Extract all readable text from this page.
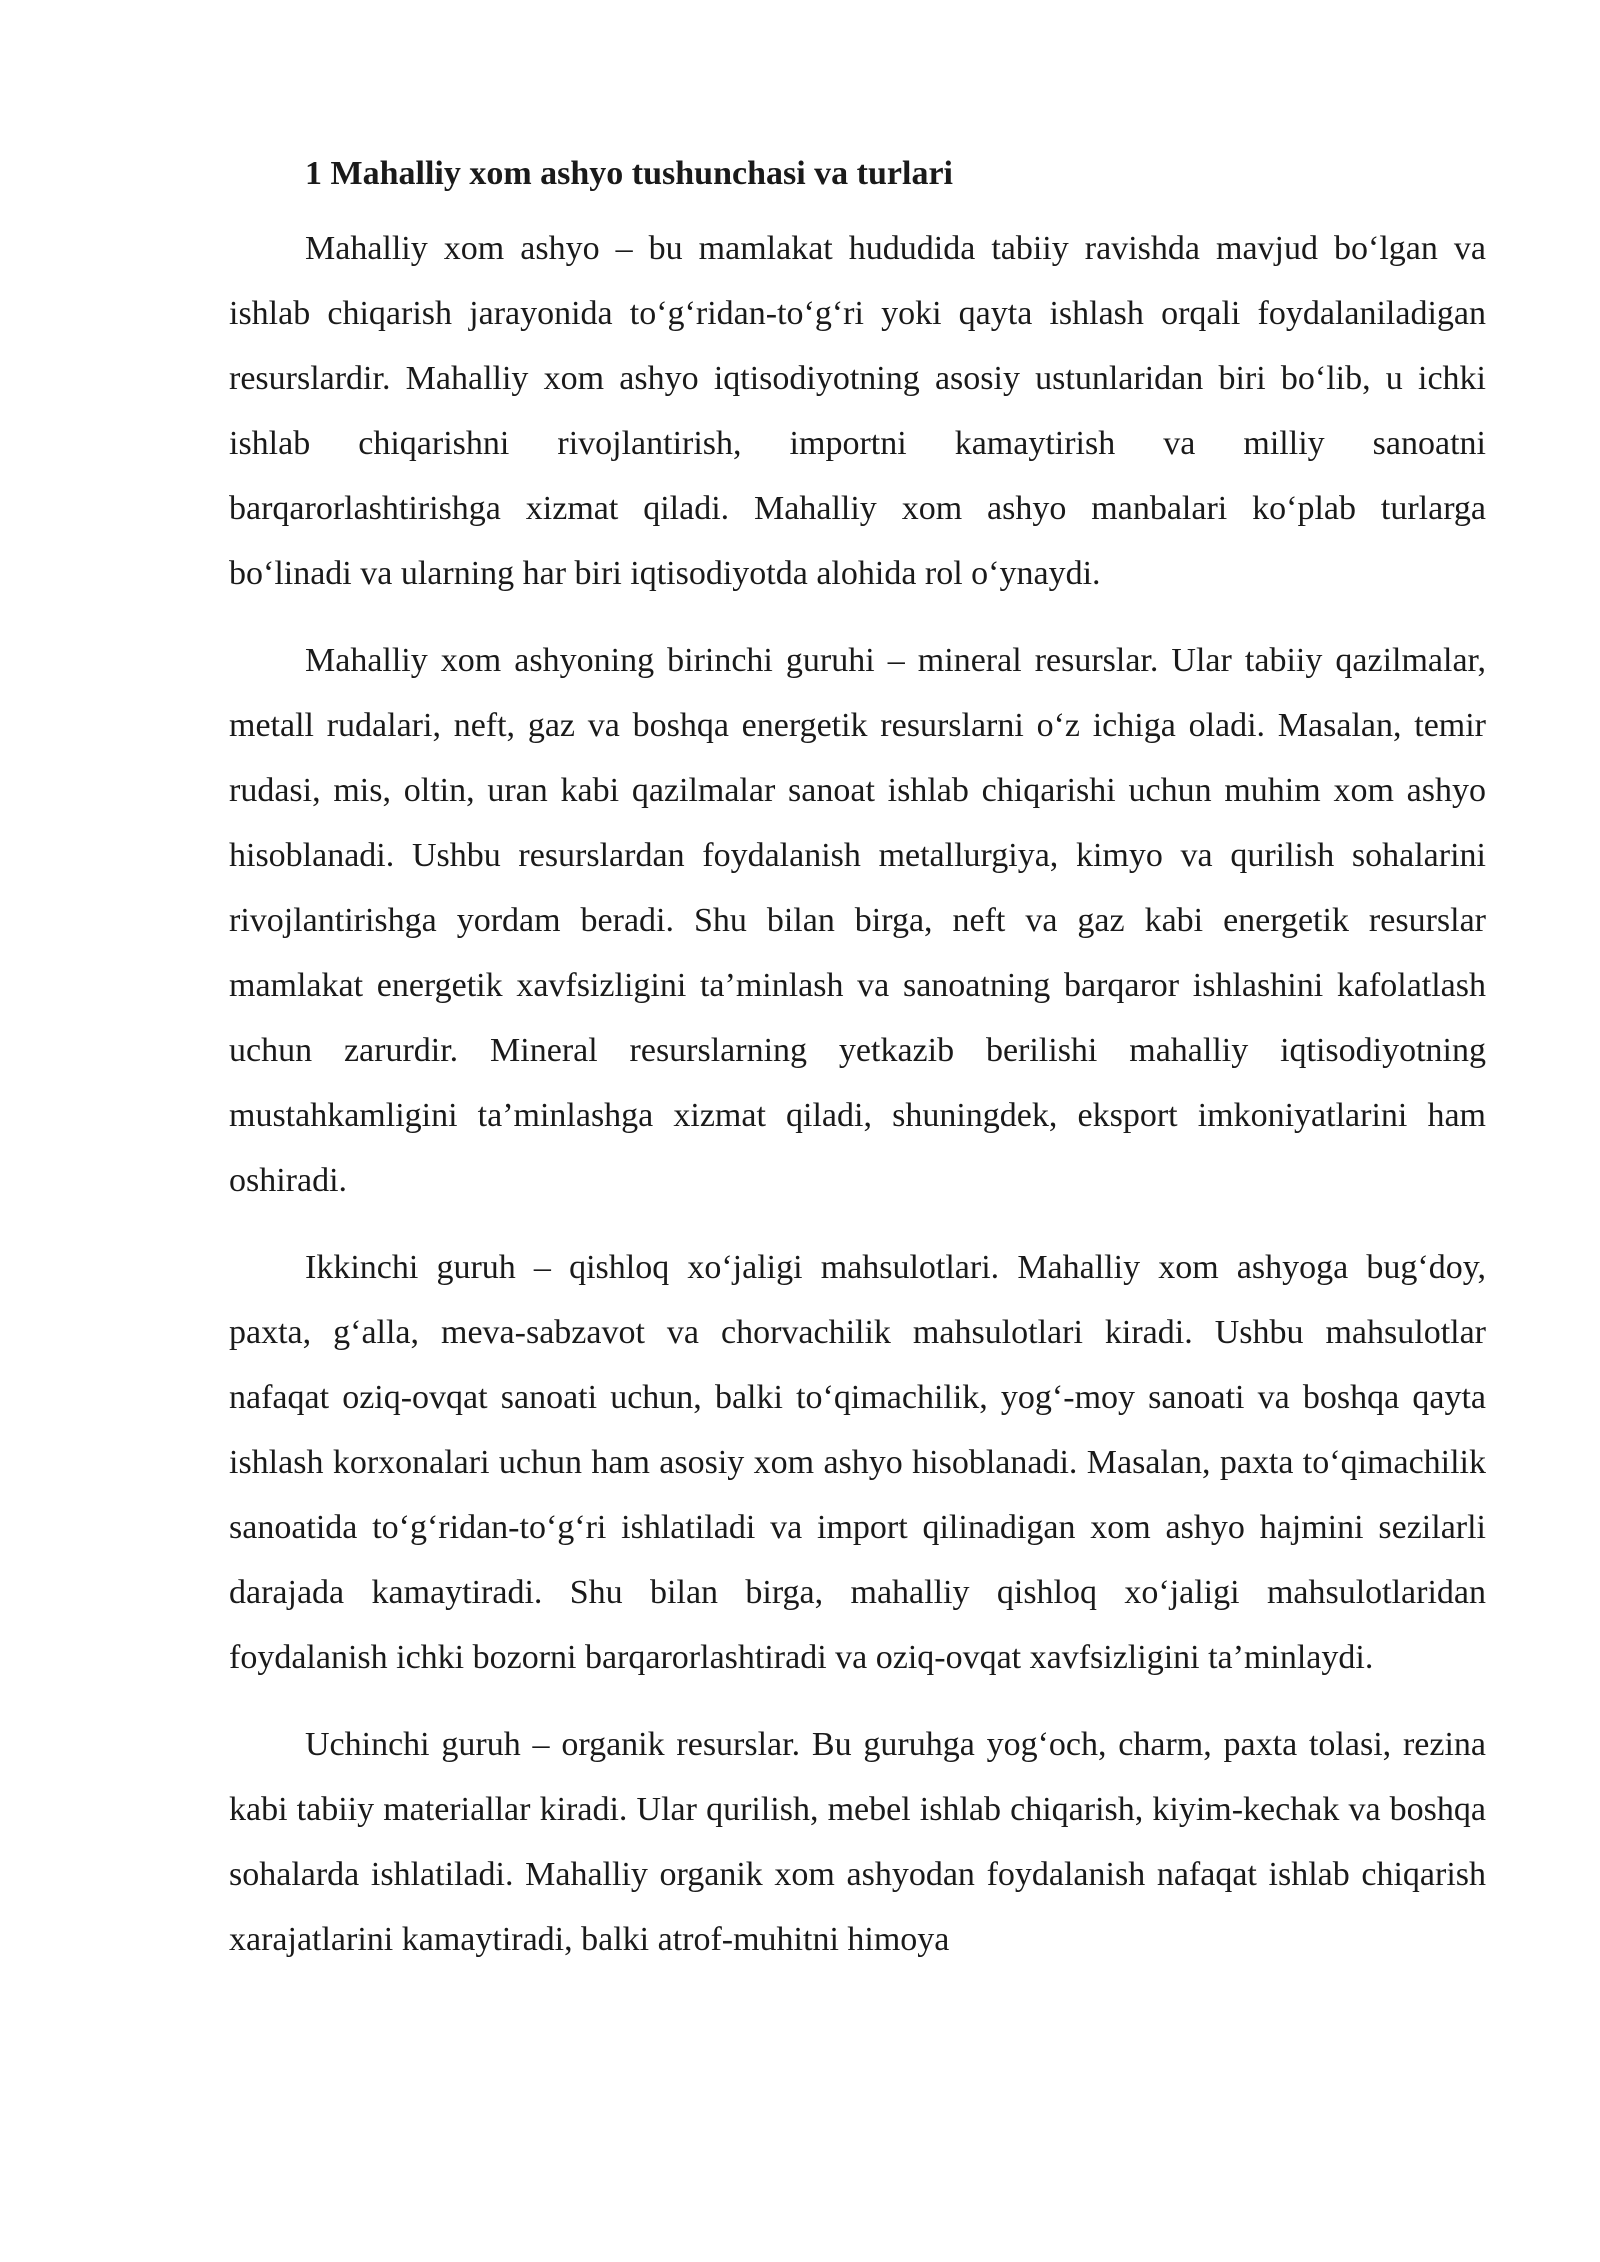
1 Mahalliy xom ashyo tushunchasi va turlari

Mahalliy xom ashyo – bu mamlakat hududida tabiiy ravishda mavjud bo‘lgan va ishlab chiqarish jarayonida to‘g‘ridan-to‘g‘ri yoki qayta ishlash orqali foydalaniladigan resurslardir. Mahalliy xom ashyo iqtisodiyotning asosiy ustunlaridan biri bo‘lib, u ichki ishlab chiqarishni rivojlantirish, importni kamaytirish va milliy sanoatni barqarorlashtirishga xizmat qiladi. Mahalliy xom ashyo manbalari ko‘plab turlarga bo‘linadi va ularning har biri iqtisodiyotda alohida rol o‘ynaydi.

Mahalliy xom ashyoning birinchi guruhi – mineral resurslar. Ular tabiiy qazilmalar, metall rudalari, neft, gaz va boshqa energetik resurslarni o‘z ichiga oladi. Masalan, temir rudasi, mis, oltin, uran kabi qazilmalar sanoat ishlab chiqarishi uchun muhim xom ashyo hisoblanadi. Ushbu resurslardan foydalanish metallurgiya, kimyo va qurilish sohalarini rivojlantirishga yordam beradi. Shu bilan birga, neft va gaz kabi energetik resurslar mamlakat energetik xavfsizligini ta’minlash va sanoatning barqaror ishlashini kafolatlash uchun zarurdir. Mineral resurslarning yetkazib berilishi mahalliy iqtisodiyotning mustahkamligini ta’minlashga xizmat qiladi, shuningdek, eksport imkoniyatlarini ham oshiradi.

Ikkinchi guruh – qishloq xo‘jaligi mahsulotlari. Mahalliy xom ashyoga bug‘doy, paxta, g‘alla, meva-sabzavot va chorvachilik mahsulotlari kiradi. Ushbu mahsulotlar nafaqat oziq-ovqat sanoati uchun, balki to‘qimachilik, yog‘-moy sanoati va boshqa qayta ishlash korxonalari uchun ham asosiy xom ashyo hisoblanadi. Masalan, paxta to‘qimachilik sanoatida to‘g‘ridan-to‘g‘ri ishlatiladi va import qilinadigan xom ashyo hajmini sezilarli darajada kamaytiradi. Shu bilan birga, mahalliy qishloq xo‘jaligi mahsulotlaridan foydalanish ichki bozorni barqarorlashtiradi va oziq-ovqat xavfsizligini ta’minlaydi.

Uchinchi guruh – organik resurslar. Bu guruhga yog‘och, charm, paxta tolasi, rezina kabi tabiiy materiallar kiradi. Ular qurilish, mebel ishlab chiqarish, kiyim-kechak va boshqa sohalarda ishlatiladi. Mahalliy organik xom ashyodan foydalanish nafaqat ishlab chiqarish xarajatlarini kamaytiradi, balki atrof-muhitni himoya
